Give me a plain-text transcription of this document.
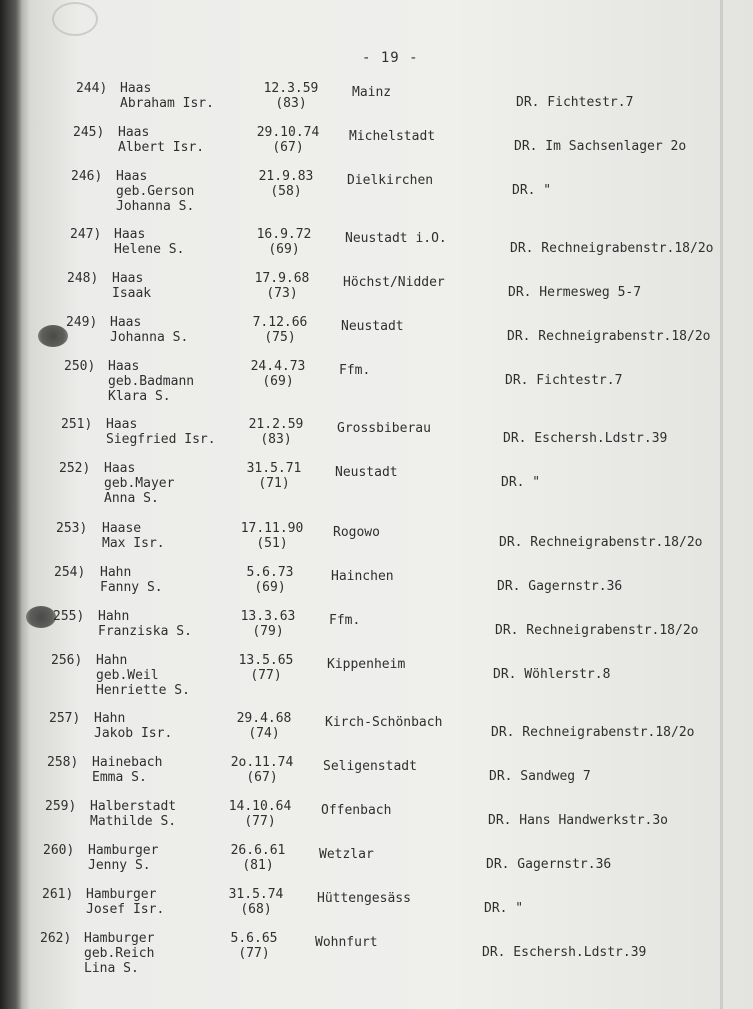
- 19 -
244) Haas
Abraham Isr.
12.3.59
(83)
Mainz
DR. Fichtestr.7
245) Haas
Albert Isr.
29.10.74
(67)
Michelstadt
DR. Im Sachsenlager 2o
246) Haas
geb.Gerson
Johanna S.
21.9.83
(58)
Dielkirchen
DR. "
247) Haas
Helene S.
16.9.72
(69)
Neustadt i.O.
DR. Rechneigrabenstr.18/2o
248) Haas
Isaak
17.9.68
(73)
Höchst/Nidder
DR. Hermesweg 5-7
249) Haas
Johanna S.
7.12.66
(75)
Neustadt
DR. Rechneigrabenstr.18/2o
250) Haas
geb.Badmann
Klara S.
24.4.73
(69)
Ffm.
DR. Fichtestr.7
251) Haas
Siegfried Isr.
21.2.59
(83)
Grossbiberau
DR. Eschersh.Ldstr.39
252) Haas
geb.Mayer
Anna S.
31.5.71
(71)
Neustadt
DR. "
253) Haase
Max Isr.
17.11.90
(51)
Rogowo
DR. Rechneigrabenstr.18/2o
254) Hahn
Fanny S.
5.6.73
(69)
Hainchen
DR. Gagernstr.36
255) Hahn
Franziska S.
13.3.63
(79)
Ffm.
DR. Rechneigrabenstr.18/2o
256) Hahn
geb.Weil
Henriette S.
13.5.65
(77)
Kippenheim
DR. Wöhlerstr.8
257) Hahn
Jakob Isr.
29.4.68
(74)
Kirch-Schönbach
DR. Rechneigrabenstr.18/2o
258) Hainebach
Emma S.
2o.11.74
(67)
Seligenstadt
DR. Sandweg 7
259) Halberstadt
Mathilde S.
14.10.64
(77)
Offenbach
DR. Hans Handwerkstr.3o
260) Hamburger
Jenny S.
26.6.61
(81)
Wetzlar
DR. Gagernstr.36
261) Hamburger
Josef Isr.
31.5.74
(68)
Hüttengesäss
DR. "
262) Hamburger
geb.Reich
Lina S.
5.6.65
(77)
Wohnfurt
DR. Eschersh.Ldstr.39
